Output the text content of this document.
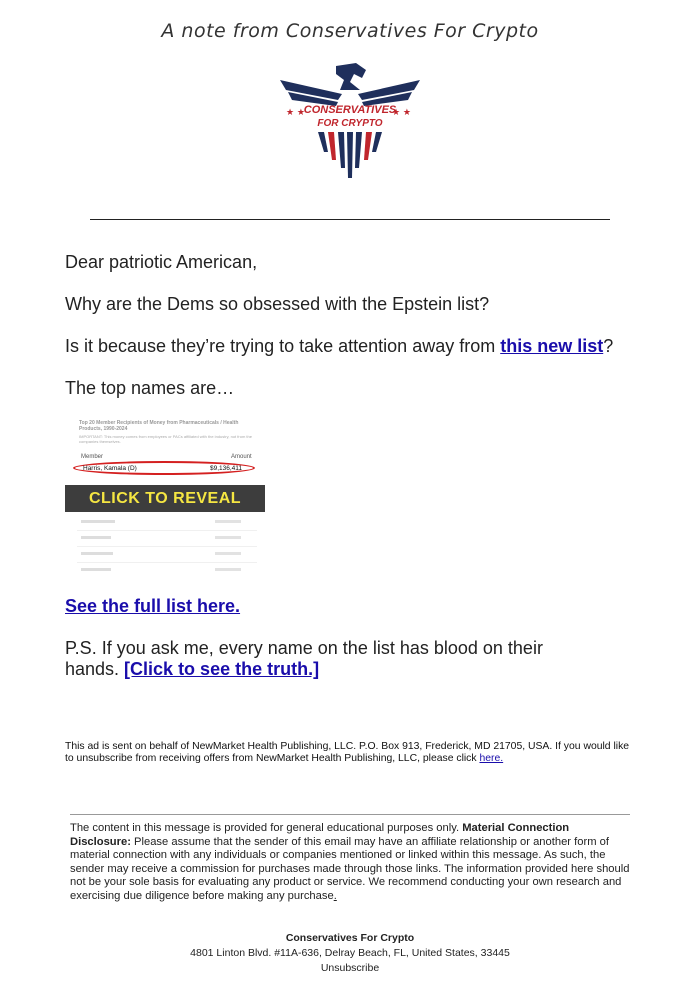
A note from Conservatives For Crypto
★ ★	★ ★
CONSERVATIVES
FOR CRYPTO
Dear patriotic American,
Why are the Dems so obsessed with the Epstein list?
Is it because they’re trying to take attention away from this new list?
The top names are…
Top 20 Member Recipients of Money from Pharmaceuticals / Health Products, 1990-2024
IMPORTANT: This money comes from employees or PACs affiliated with the industry, not from the companies themselves.
Member	Amount
Harris, Kamala (D)	$9,136,411
CLICK TO REVEAL
See the full list here.
P.S. If you ask me, every name on the list has blood on their hands. [Click to see the truth.]
This ad is sent on behalf of NewMarket Health Publishing, LLC. P.O. Box 913, Frederick, MD 21705, USA. If you would like to unsubscribe from receiving offers from NewMarket Health Publishing, LLC, please click here.
The content in this message is provided for general educational purposes only. Material Connection Disclosure: Please assume that the sender of this email may have an affiliate relationship or another form of material connection with any individuals or companies mentioned or linked within this message. As such, the sender may receive a commission for purchases made through those links. The information provided here should not be your sole basis for evaluating any product or service. We recommend conducting your own research and exercising due diligence before making any purchase.
Conservatives For Crypto
4801 Linton Blvd. #11A-636, Delray Beach, FL, United States, 33445
Unsubscribe
